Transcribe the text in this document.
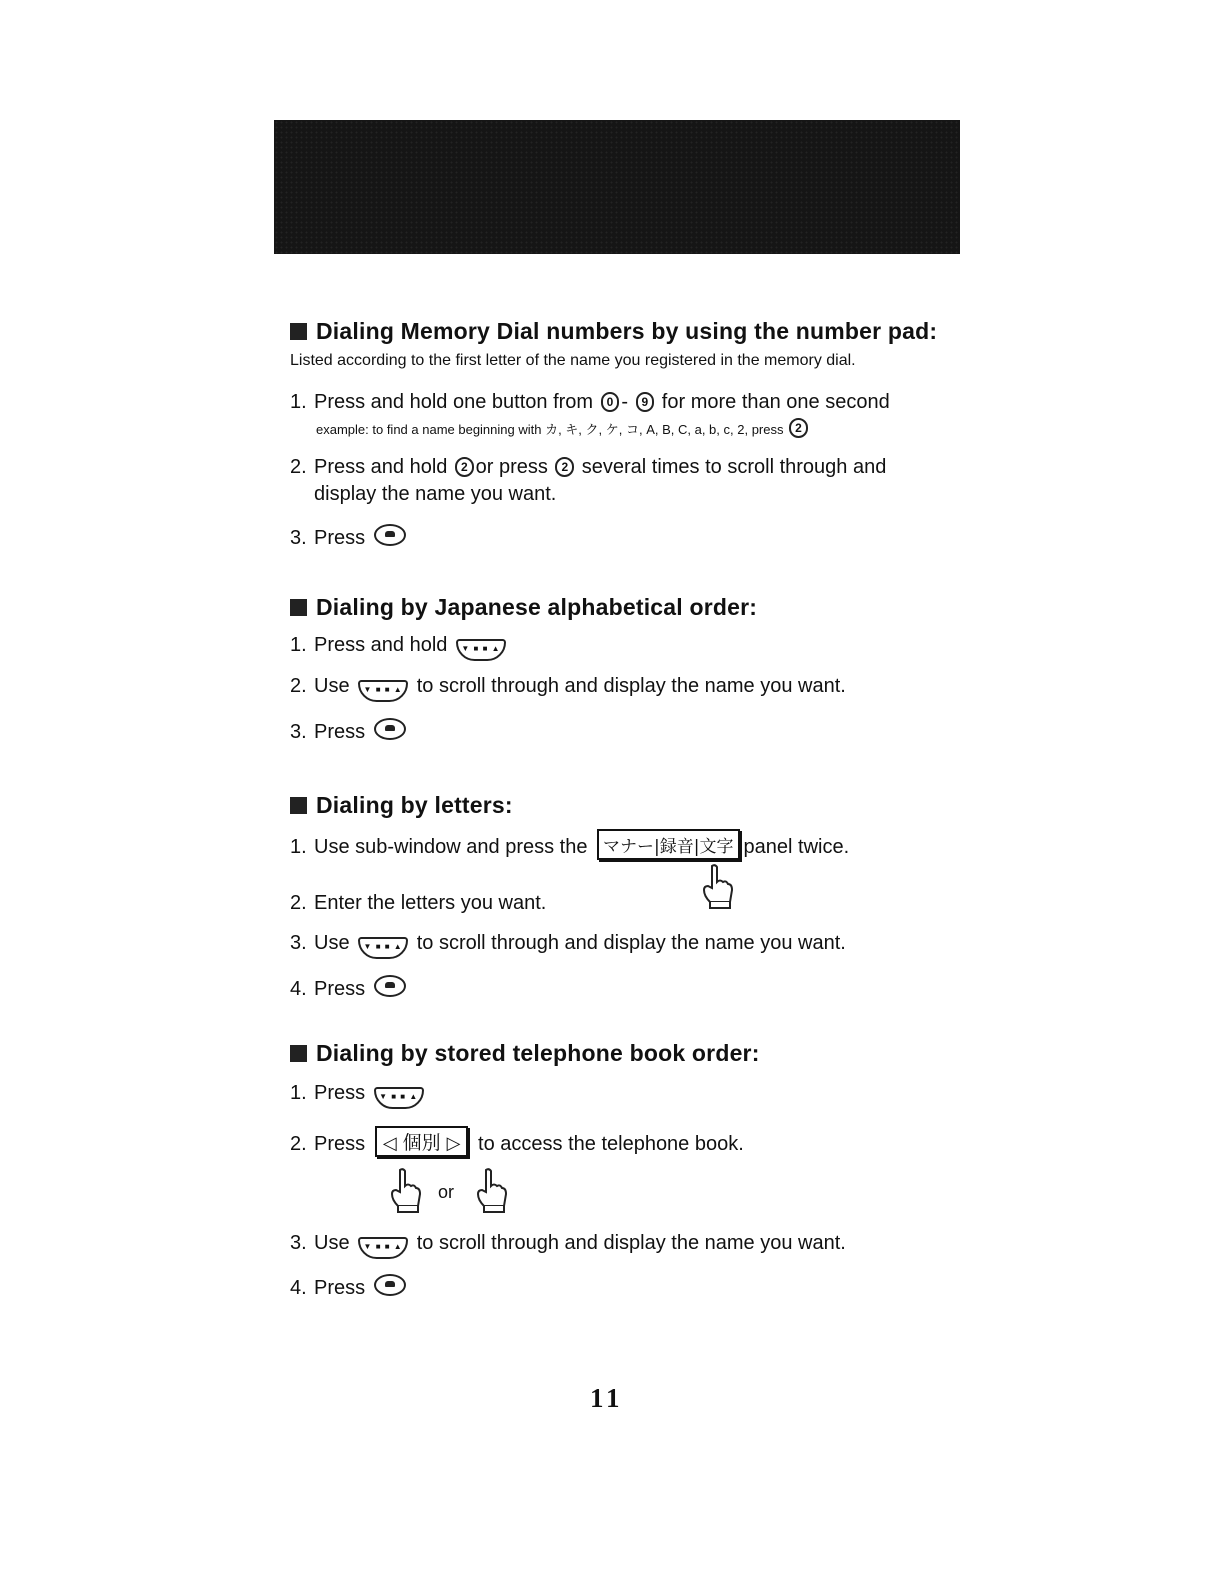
Dialing Memory Dial numbers by using the number pad:
Listed according to the first letter of the name you registered in the memory dial.
1. Press and hold one button from 0 - 9 for more than one second
example: to find a name beginning with カ, キ, ク, ケ, コ, A, B, C, a, b, c, 2, press 2
2. Press and hold 2 or press 2 several times to scroll through and
display the name you want.
3. Press
Dialing by Japanese alphabetical order:
1. Press and hold ▼ ■ ■ ▲
2. Use ▼ ■ ■ ▲ to scroll through and display the name you want.
3. Press
Dialing by letters:
1. Use sub-window and press the マナー|録音|文字 panel twice.
2. Enter the letters you want.
3. Use ▼ ■ ■ ▲ to scroll through and display the name you want.
4. Press
Dialing by stored telephone book order:
1. Press ▼ ■ ■ ▲
2. Press ◁ 個別 ▷ to access the telephone book.
or
3. Use ▼ ■ ■ ▲ to scroll through and display the name you want.
4. Press
11
